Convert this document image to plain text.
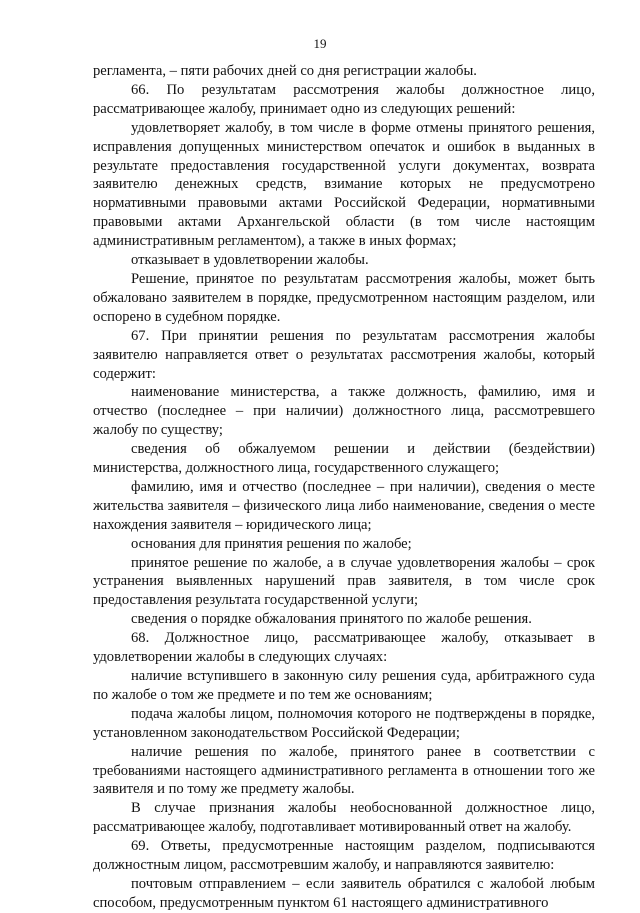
19

регламента, – пяти рабочих дней со дня регистрации жалобы.

66. По результатам рассмотрения жалобы должностное лицо, рассматривающее жалобу, принимает одно из следующих решений:

удовлетворяет жалобу, в том числе в форме отмены принятого решения, исправления допущенных министерством опечаток и ошибок в выданных в результате предоставления государственной услуги документах, возврата заявителю денежных средств, взимание которых не предусмотрено нормативными правовыми актами Российской Федерации, нормативными правовыми актами Архангельской области (в том числе настоящим административным регламентом), а также в иных формах;

отказывает в удовлетворении жалобы.

Решение, принятое по результатам рассмотрения жалобы, может быть обжаловано заявителем в порядке, предусмотренном настоящим разделом, или оспорено в судебном порядке.

67. При принятии решения по результатам рассмотрения жалобы заявителю направляется ответ о результатах рассмотрения жалобы, который содержит:

наименование министерства, а также должность, фамилию, имя и отчество (последнее – при наличии) должностного лица, рассмотревшего жалобу по существу;

сведения об обжалуемом решении и действии (бездействии) министерства, должностного лица, государственного служащего;

фамилию, имя и отчество (последнее – при наличии), сведения о месте жительства заявителя – физического лица либо наименование, сведения о месте нахождения заявителя – юридического лица;

основания для принятия решения по жалобе;

принятое решение по жалобе, а в случае удовлетворения жалобы – срок устранения выявленных нарушений прав заявителя, в том числе срок предоставления результата государственной услуги;

сведения о порядке обжалования принятого по жалобе решения.

68. Должностное лицо, рассматривающее жалобу, отказывает в удовлетворении жалобы в следующих случаях:

наличие вступившего в законную силу решения суда, арбитражного суда по жалобе о том же предмете и по тем же основаниям;

подача жалобы лицом, полномочия которого не подтверждены в порядке, установленном законодательством Российской Федерации;

наличие решения по жалобе, принятого ранее в соответствии с требованиями настоящего административного регламента в отношении того же заявителя и по тому же предмету жалобы.

В случае признания жалобы необоснованной должностное лицо, рассматривающее жалобу, подготавливает мотивированный ответ на жалобу.

69. Ответы, предусмотренные настоящим разделом, подписываются должностным лицом, рассмотревшим жалобу, и направляются заявителю:

почтовым отправлением – если заявитель обратился с жалобой любым способом, предусмотренным пунктом 61 настоящего административного
